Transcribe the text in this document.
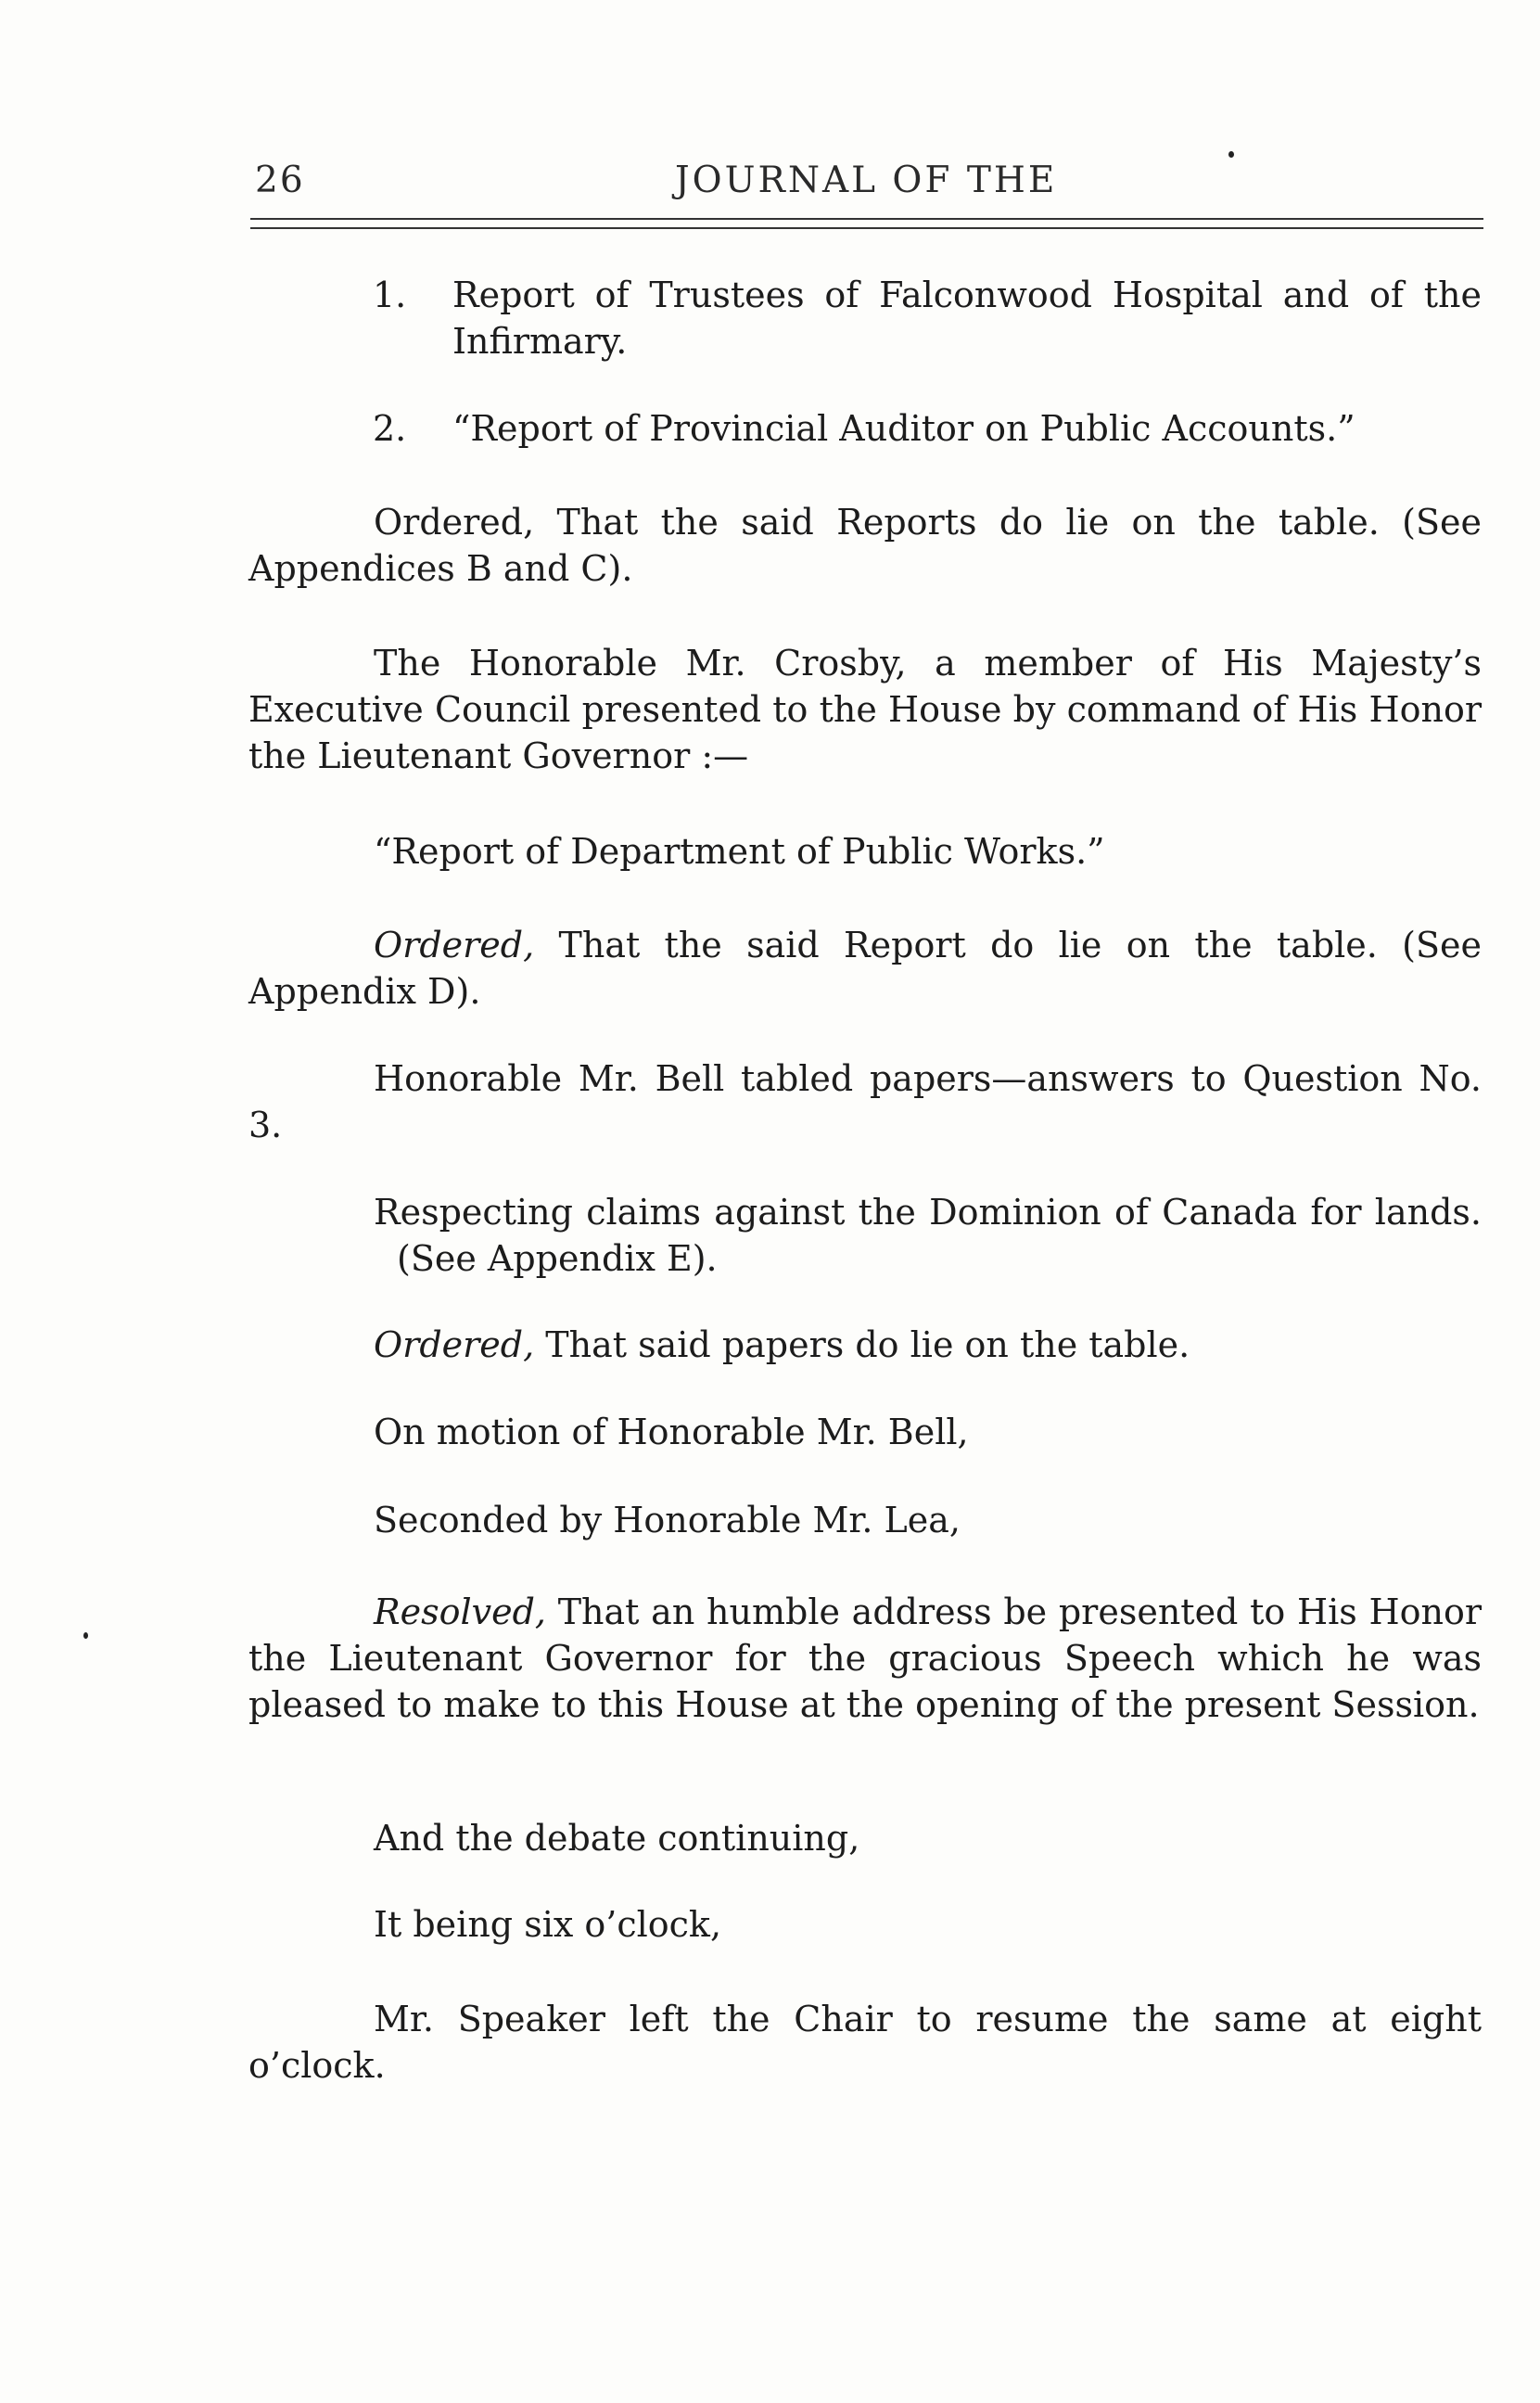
26	JOURNAL OF THE
1. Report of Trustees of Falconwood Hospital and of the Infirmary.
2. “Report of Provincial Auditor on Public Accounts.”
Ordered, That the said Reports do lie on the table. (See Appendices B and C).
The Honorable Mr. Crosby, a member of His Majesty’s Executive Council presented to the House by command of His Honor the Lieutenant Governor :—
“Report of Department of Public Works.”
Ordered, That the said Report do lie on the table. (See Appendix D).
Honorable Mr. Bell tabled papers—answers to Question No. 3.
Respecting claims against the Dominion of Canada for lands.(See Appendix E).
Ordered, That said papers do lie on the table.
On motion of Honorable Mr. Bell,
Seconded by Honorable Mr. Lea,
Resolved, That an humble address be presented to His Honor the Lieutenant Governor for the gracious Speech which he was pleased to make to this House at the opening of the present Session.
And the debate continuing,
It being six o’clock,
Mr. Speaker left the Chair to resume the same at eight o’clock.
